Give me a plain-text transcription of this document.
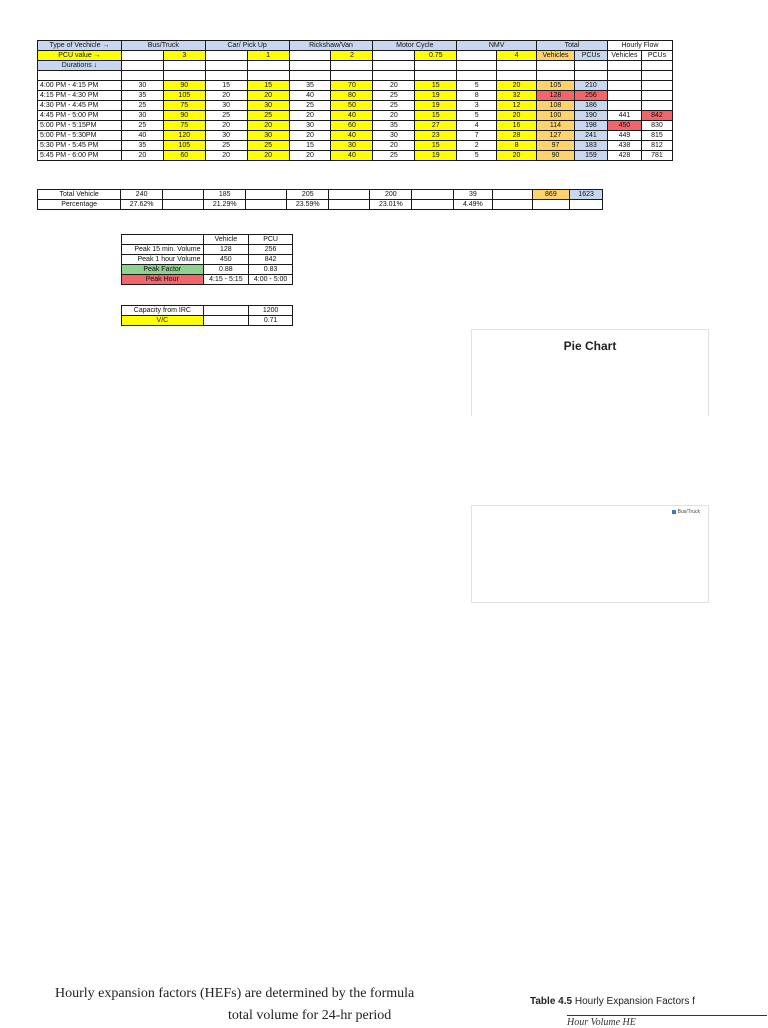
Type of Vechicle →	Bus/Truck		Car/ Pick Up		Rickshaw/Van		Motor Cycle		NMV		Total		Hourly Flow	
PCU value →		3		1		2		0.75		4	Vehicles	PCUs	Vehicles	PCUs
Durations ↓														

4:00 PM - 4:15 PM	30	90	15	15	35	70	20	15	5	20	105	210		
4:15 PM - 4:30 PM	35	105	20	20	40	80	25	19	8	32	128	256		
4:30 PM - 4:45 PM	25	75	30	30	25	50	25	19	3	12	108	186		
4:45 PM - 5:00 PM	30	90	25	25	20	40	20	15	5	20	100	190	441	842
5:00 PM - 5:15PM	25	75	20	20	30	60	35	27	4	16	114	198	450	830
5:00 PM - 5:30PM	40	120	30	30	20	40	30	23	7	28	127	241	449	815
5:30 PM - 5:45 PM	35	105	25	25	15	30	20	15	2	8	97	183	438	812
5:45 PM - 6:00 PM	20	60	20	20	20	40	25	19	5	20	90	159	428	781
Total Vehicle	240		185		205		200		39		869	1623
Percentage	27.62%		21.29%		23.59%		23.01%		4.49%			
	Vehicle	PCU
Peak 15 min. Volume	128	256
Peak 1 hour Volume	450	842
Peak Factor	0.88	0.83
Peak Hour	4:15 - 5:15	4:00 - 5:00
Capacity from IRC		1200
V/C		0.71
Pie Chart
Bus/Truck
Hourly expansion factors (HEFs) are determined by the formula
total volume for 24-hr period
Table 4.5 Hourly Expansion Factors f
Hour Volume HE
